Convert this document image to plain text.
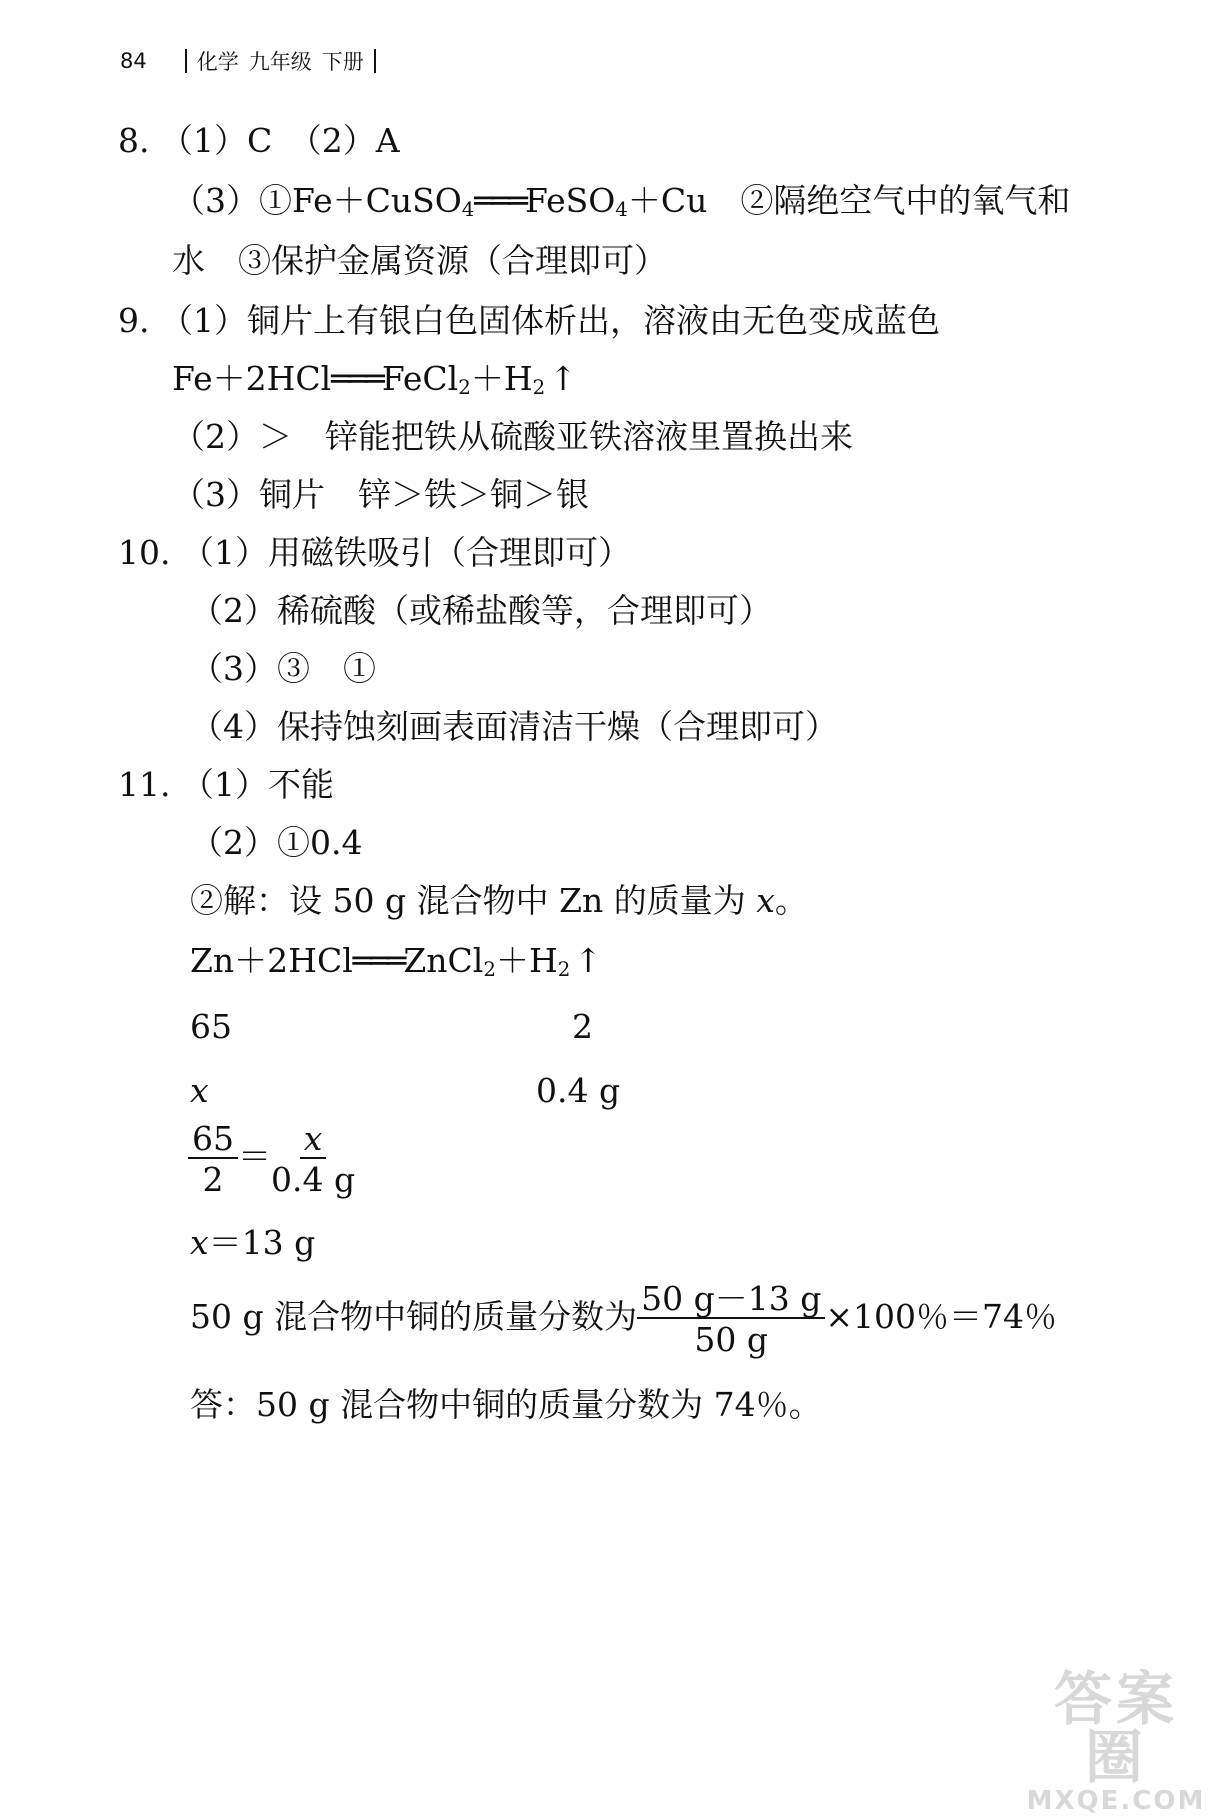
84 化学 九年级 下册
8. （1）C　（2）A
（3）①Fe＋CuSO4═══FeSO4＋Cu　②隔绝空气中的氧气和
水　③保护金属资源（合理即可）
9. （1）铜片上有银白色固体析出，溶液由无色变成蓝色
Fe＋2HCl═══FeCl2＋H2 ↑
（2）＞　锌能把铁从硫酸亚铁溶液里置换出来
（3）铜片　锌＞铁＞铜＞银
10. （1）用磁铁吸引（合理即可）
（2）稀硫酸（或稀盐酸等，合理即可）
（3）③　①
（4）保持蚀刻画表面清洁干燥（合理即可）
11. （1）不能
（2）①0.4
②解：设 50 g 混合物中 Zn 的质量为 x。
Zn＋2HCl═══ZnCl2＋H2 ↑
65	2
x	0.4 g
$\frac{65}{2} = \frac{x}{0.4 g}$
x＝13 g
50 g 混合物中铜的质量分数为 $\frac{50 g-13 g}{50 g} \times 100$％＝74％
答：50 g 混合物中铜的质量分数为 74％。
答案圈
MXQE.COM
